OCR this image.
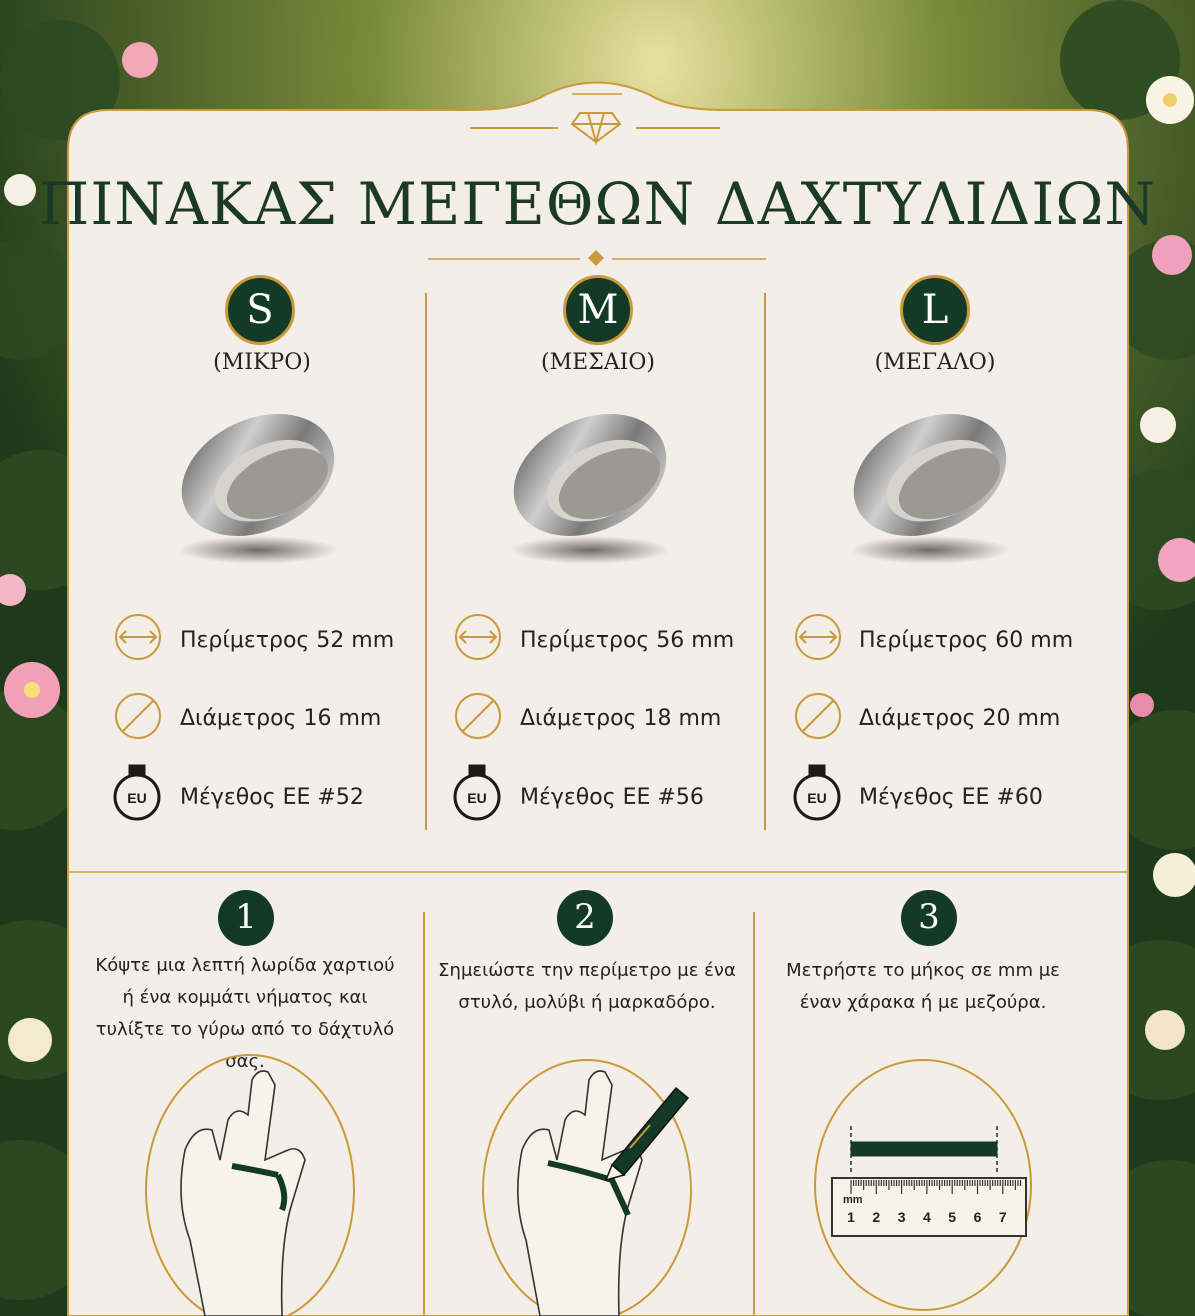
ΠΙΝΑΚΑΣ ΜΕΓΕΘΩΝ ΔΑΧΤΥΛΙΔΙΩΝ
S
(ΜΙΚΡΟ)
M
(ΜΕΣΑΙΟ)
L
(ΜΕΓΑΛΟ)
EU	EU	EU
Περίμετρος 52 mm
Διάμετρος 16 mm
Μέγεθος ΕΕ #52
Περίμετρος 56 mm
Διάμετρος 18 mm
Μέγεθος ΕΕ #56
Περίμετρος 60 mm
Διάμετρος 20 mm
Μέγεθος ΕΕ #60
1
Κόψτε μια λεπτή λωρίδα χαρτιού ή ένα κομμάτι νήματος και τυλίξτε το γύρω από το δάχτυλό σας.
2
Σημειώστε την περίμετρο με ένα στυλό, μολύβι ή μαρκαδόρο.
3
Μετρήστε το μήκος σε mm με έναν χάρακα ή με μεζούρα.
mm
1 2 3 4 5 6 7
